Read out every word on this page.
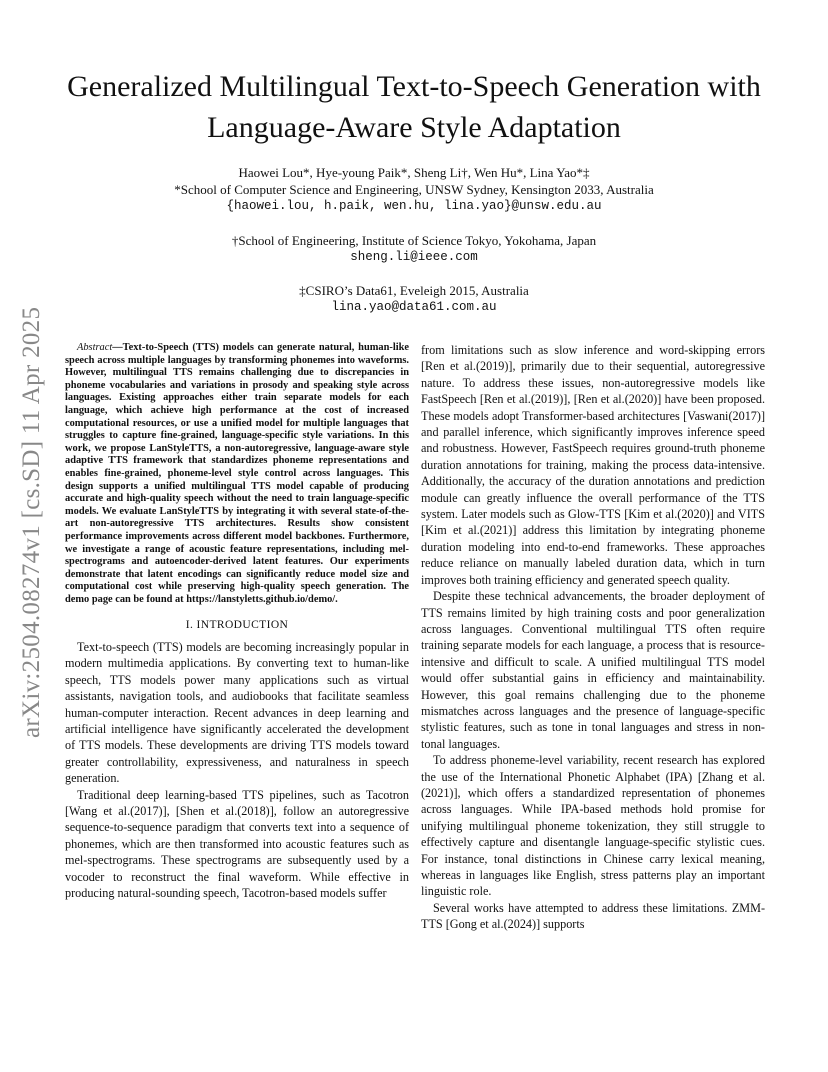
arXiv:2504.08274v1 [cs.SD] 11 Apr 2025
Generalized Multilingual Text-to-Speech Generation with Language-Aware Style Adaptation
Haowei Lou*, Hye-young Paik*, Sheng Li†, Wen Hu*, Lina Yao*‡
*School of Computer Science and Engineering, UNSW Sydney, Kensington 2033, Australia
{haowei.lou, h.paik, wen.hu, lina.yao}@unsw.edu.au
†School of Engineering, Institute of Science Tokyo, Yokohama, Japan
sheng.li@ieee.com
‡CSIRO’s Data61, Eveleigh 2015, Australia
lina.yao@data61.com.au

Abstract—Text-to-Speech (TTS) models can generate natural, human-like speech across multiple languages by transforming phonemes into waveforms. However, multilingual TTS remains challenging due to discrepancies in phoneme vocabularies and variations in prosody and speaking style across languages. Existing approaches either train separate models for each language, which achieve high performance at the cost of increased computational resources, or use a unified model for multiple languages that struggles to capture fine-grained, language-specific style variations. In this work, we propose LanStyleTTS, a non-autoregressive, language-aware style adaptive TTS framework that standardizes phoneme representations and enables fine-grained, phoneme-level style control across languages. This design supports a unified multilingual TTS model capable of producing accurate and high-quality speech without the need to train language-specific models. We evaluate LanStyleTTS by integrating it with several state-of-the-art non-autoregressive TTS architectures. Results show consistent performance improvements across different model backbones. Furthermore, we investigate a range of acoustic feature representations, including mel-spectrograms and autoencoder-derived latent features. Our experiments demonstrate that latent encodings can significantly reduce model size and computational cost while preserving high-quality speech generation. The demo page can be found at https://lanstyletts.github.io/demo/.

I. INTRODUCTION

Text-to-speech (TTS) models are becoming increasingly popular in modern multimedia applications. By converting text to human-like speech, TTS models power many applications such as virtual assistants, navigation tools, and audiobooks that facilitate seamless human-computer interaction. Recent advances in deep learning and artificial intelligence have significantly accelerated the development of TTS models. These developments are driving TTS models toward greater controllability, expressiveness, and naturalness in speech generation.

Traditional deep learning-based TTS pipelines, such as Tacotron [Wang et al.(2017)], [Shen et al.(2018)], follow an autoregressive sequence-to-sequence paradigm that converts text into a sequence of phonemes, which are then transformed into acoustic features such as mel-spectrograms. These spectrograms are subsequently used by a vocoder to reconstruct the final waveform. While effective in producing natural-sounding speech, Tacotron-based models suffer

from limitations such as slow inference and word-skipping errors [Ren et al.(2019)], primarily due to their sequential, autoregressive nature. To address these issues, non-autoregressive models like FastSpeech [Ren et al.(2019)], [Ren et al.(2020)] have been proposed. These models adopt Transformer-based architectures [Vaswani(2017)] and parallel inference, which significantly improves inference speed and robustness. However, FastSpeech requires ground-truth phoneme duration annotations for training, making the process data-intensive. Additionally, the accuracy of the duration annotations and prediction module can greatly influence the overall performance of the TTS system. Later models such as Glow-TTS [Kim et al.(2020)] and VITS [Kim et al.(2021)] address this limitation by integrating phoneme duration modeling into end-to-end frameworks. These approaches reduce reliance on manually labeled duration data, which in turn improves both training efficiency and generated speech quality.

Despite these technical advancements, the broader deployment of TTS remains limited by high training costs and poor generalization across languages. Conventional multilingual TTS often require training separate models for each language, a process that is resource-intensive and difficult to scale. A unified multilingual TTS model would offer substantial gains in efficiency and maintainability. However, this goal remains challenging due to the phoneme mismatches across languages and the presence of language-specific stylistic features, such as tone in tonal languages and stress in non-tonal languages.

To address phoneme-level variability, recent research has explored the use of the International Phonetic Alphabet (IPA) [Zhang et al.(2021)], which offers a standardized representation of phonemes across languages. While IPA-based methods hold promise for unifying multilingual phoneme tokenization, they still struggle to effectively capture and disentangle language-specific stylistic cues. For instance, tonal distinctions in Chinese carry lexical meaning, whereas in languages like English, stress patterns play an important linguistic role.

Several works have attempted to address these limitations. ZMM-TTS [Gong et al.(2024)] supports
